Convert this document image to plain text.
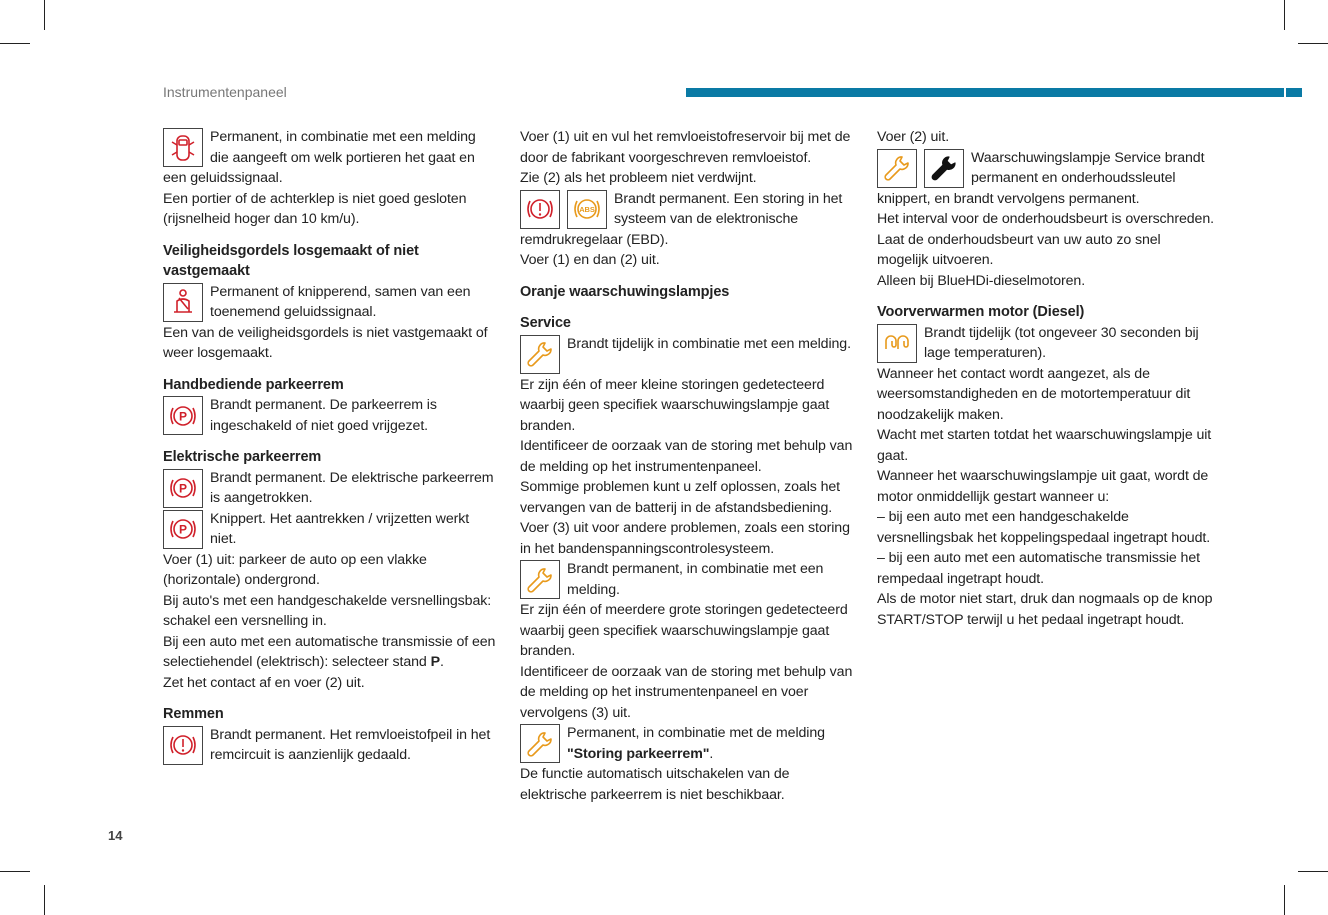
Instrumentenpaneel

Permanent, in combinatie met een melding die aangeeft om welk portieren het gaat en een geluidssignaal.

Een portier of de achterklep is niet goed gesloten (rijsnelheid hoger dan 10 km/u).

Veiligheidsgordels losgemaakt of niet vastgemaakt

Permanent of knipperend, samen van een toenemend geluidssignaal.

Een van de veiligheidsgordels is niet vastgemaakt of weer losgemaakt.

Handbediende parkeerrem
P

Brandt permanent. De parkeerrem is ingeschakeld of niet goed vrijgezet.

Elektrische parkeerrem
P

Brandt permanent. De elektrische parkeerrem is aangetrokken.

P

Knippert. Het aantrekken / vrijzetten werkt niet.

Voer (1) uit: parkeer de auto op een vlakke (horizontale) ondergrond.

Bij auto's met een handgeschakelde versnellingsbak: schakel een versnelling in.

Bij een auto met een automatische transmissie of een selectiehendel (elektrisch): selecteer stand P.

Zet het contact af en voer (2) uit.

Remmen

Brandt permanent. Het remvloeistofpeil in het remcircuit is aanzienlijk gedaald.

Voer (1) uit en vul het remvloeistofreservoir bij met de door de fabrikant voorgeschreven remvloeistof.

Zie (2) als het probleem niet verdwijnt.

ABS

Brandt permanent. Een storing in het systeem van de elektronische remdrukregelaar (EBD).

Voer (1) en dan (2) uit.

Oranje waarschuwingslampjes
Service

Brandt tijdelijk in combinatie met een melding.

Er zijn één of meer kleine storingen gedetecteerd waarbij geen specifiek waarschuwingslampje gaat branden.

Identificeer de oorzaak van de storing met behulp van de melding op het instrumentenpaneel.

Sommige problemen kunt u zelf oplossen, zoals het vervangen van de batterij in de afstandsbediening.

Voer (3) uit voor andere problemen, zoals een storing in het bandenspanningscontrolesysteem.

Brandt permanent, in combinatie met een melding.

Er zijn één of meerdere grote storingen gedetecteerd waarbij geen specifiek waarschuwingslampje gaat branden.

Identificeer de oorzaak van de storing met behulp van de melding op het instrumentenpaneel en voer vervolgens (3) uit.

Permanent, in combinatie met de melding "Storing parkeerrem".

De functie automatisch uitschakelen van de elektrische parkeerrem is niet beschikbaar.

Voer (2) uit.

Waarschuwingslampje Service brandt permanent en onderhoudssleutel knippert, en brandt vervolgens permanent.

Het interval voor de onderhoudsbeurt is overschreden.

Laat de onderhoudsbeurt van uw auto zo snel mogelijk uitvoeren.

Alleen bij BlueHDi-dieselmotoren.

Voorverwarmen motor (Diesel)

Brandt tijdelijk (tot ongeveer 30 seconden bij lage temperaturen).

Wanneer het contact wordt aangezet, als de weersomstandigheden en de motortemperatuur dit noodzakelijk maken.

Wacht met starten totdat het waarschuwingslampje uit gaat.

Wanneer het waarschuwingslampje uit gaat, wordt de motor onmiddellijk gestart wanneer u:

– bij een auto met een handgeschakelde versnellingsbak het koppelingspedaal ingetrapt houdt.

– bij een auto met een automatische transmissie het rempedaal ingetrapt houdt.

Als de motor niet start, druk dan nogmaals op de knop START/STOP terwijl u het pedaal ingetrapt houdt.

14
